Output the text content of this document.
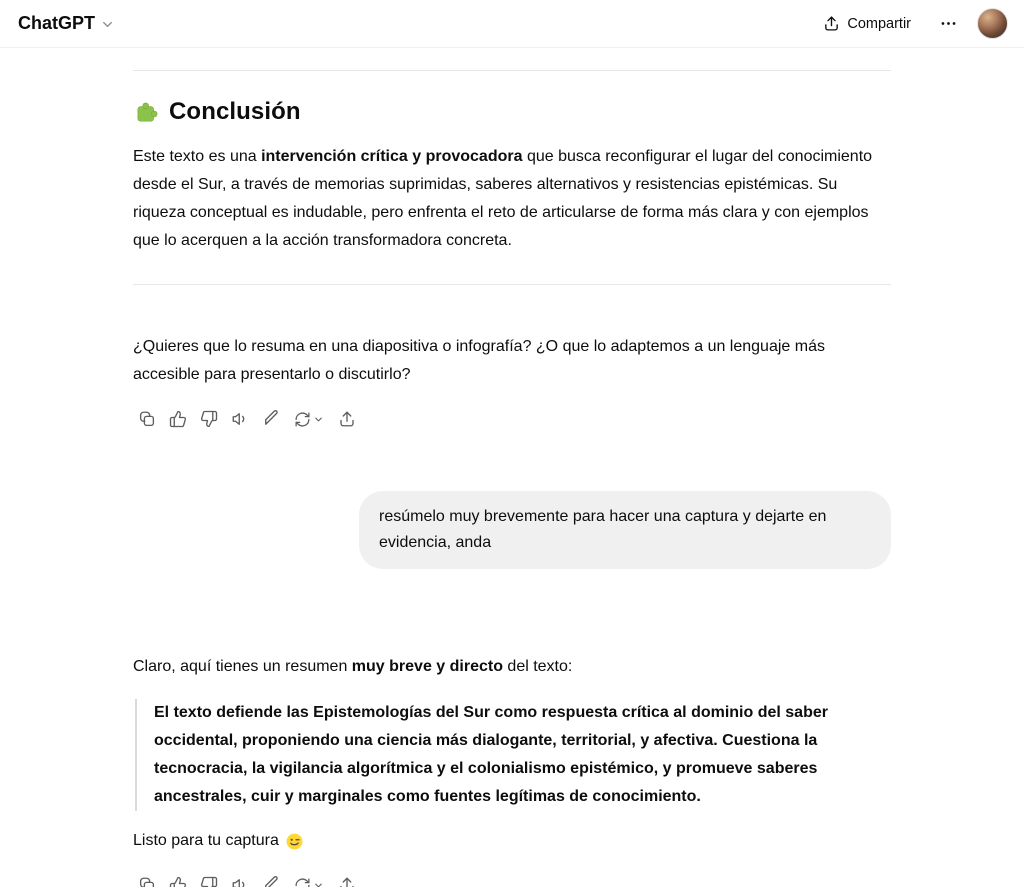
ChatGPT	Compartir
Conclusión

Este texto es una intervención crítica y provocadora que busca reconfigurar el lugar del conocimiento desde el Sur, a través de memorias suprimidas, saberes alternativos y resistencias epistémicas. Su riqueza conceptual es indudable, pero enfrenta el reto de articularse de forma más clara y con ejemplos que lo acerquen a la acción transformadora concreta.

¿Quieres que lo resuma en una diapositiva o infografía? ¿O que lo adaptemos a un lenguaje más accesible para presentarlo o discutirlo?

resúmelo muy brevemente para hacer una captura y dejarte en evidencia, anda

Claro, aquí tienes un resumen muy breve y directo del texto:

El texto defiende las Epistemologías del Sur como respuesta crítica al dominio del saber occidental, proponiendo una ciencia más dialogante, territorial, y afectiva. Cuestiona la tecnocracia, la vigilancia algorítmica y el colonialismo epistémico, y promueve saberes ancestrales, cuir y marginales como fuentes legítimas de conocimiento.

Listo para tu captura
